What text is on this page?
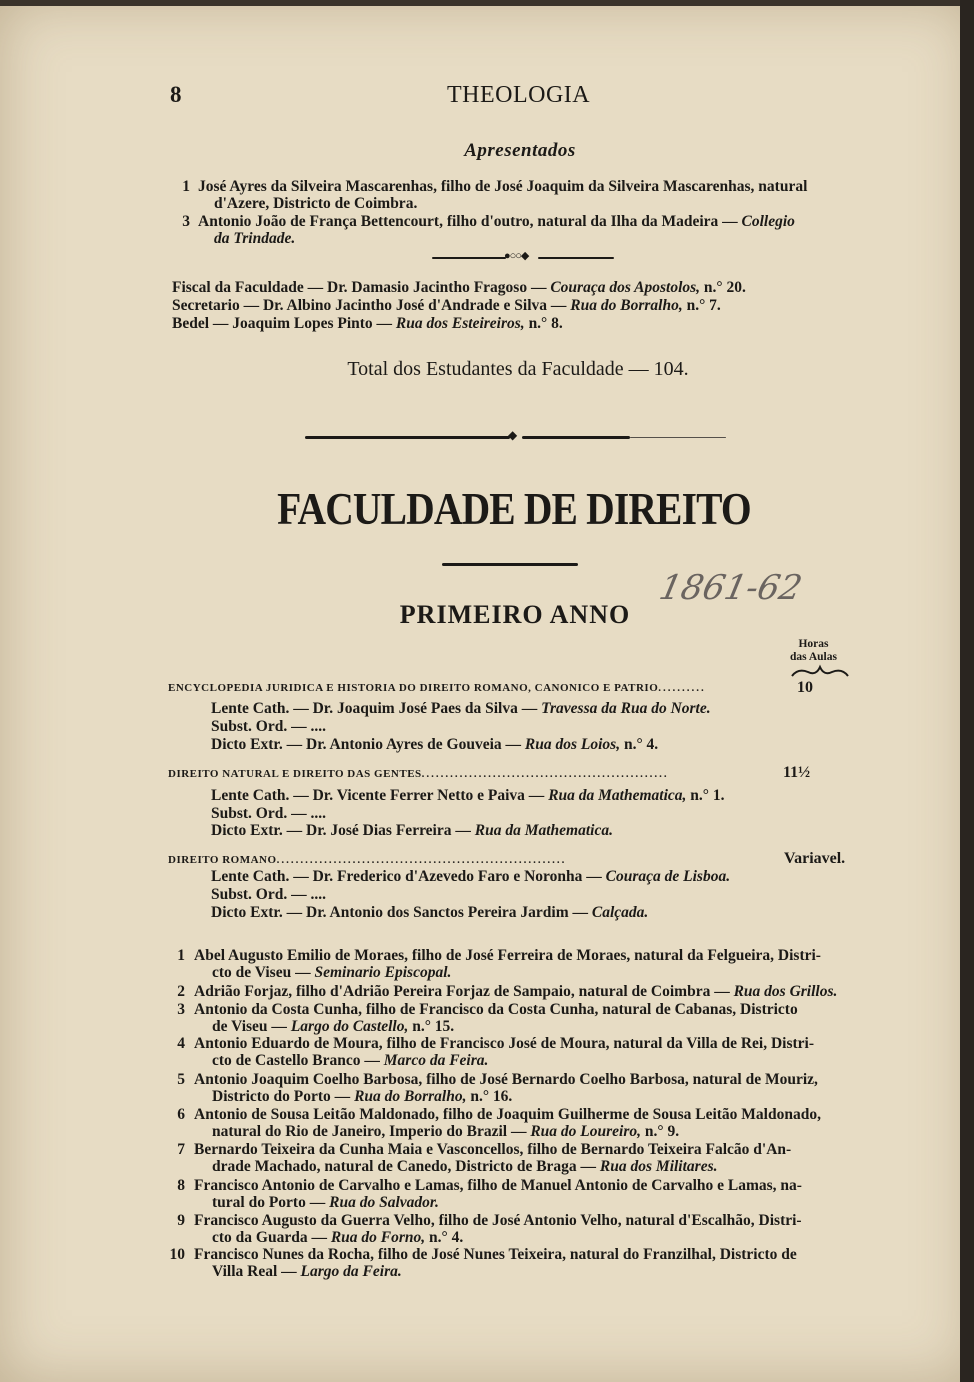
8	THEOLOGIA
Apresentados
1 José Ayres da Silveira Mascarenhas, filho de José Joaquim da Silveira Mascarenhas, natural
d'Azere, Districto de Coimbra.
3 Antonio João de França Bettencourt, filho d'outro, natural da Ilha da Madeira — Collegio
da Trindade.
●○○◆
Fiscal da Faculdade — Dr. Damasio Jacintho Fragoso — Couraça dos Apostolos, n.° 20.
Secretario — Dr. Albino Jacintho José d'Andrade e Silva — Rua do Borralho, n.° 7.
Bedel — Joaquim Lopes Pinto — Rua dos Esteireiros, n.° 8.
Total dos Estudantes da Faculdade — 104.
◆
FACULDADE DE DIREITO
PRIMEIRO ANNO
1861-62
Horas
das Aulas
ENCYCLOPEDIA JURIDICA E HISTORIA DO DIREITO ROMANO, CANONICO E PATRIO..........	10
Lente Cath. — Dr. Joaquim José Paes da Silva — Travessa da Rua do Norte.
Subst. Ord. — ....
Dicto Extr. — Dr. Antonio Ayres de Gouveia — Rua dos Loios, n.° 4.
DIREITO NATURAL E DIREITO DAS GENTES....................................................	11½
Lente Cath. — Dr. Vicente Ferrer Netto e Paiva — Rua da Mathematica, n.° 1.
Subst. Ord. — ....
Dicto Extr. — Dr. José Dias Ferreira — Rua da Mathematica.
DIREITO ROMANO.............................................................	Variavel.
Lente Cath. — Dr. Frederico d'Azevedo Faro e Noronha — Couraça de Lisboa.
Subst. Ord. — ....
Dicto Extr. — Dr. Antonio dos Sanctos Pereira Jardim — Calçada.
1 Abel Augusto Emilio de Moraes, filho de José Ferreira de Moraes, natural da Felgueira, Distri-
cto de Viseu — Seminario Episcopal.
2 Adrião Forjaz, filho d'Adrião Pereira Forjaz de Sampaio, natural de Coimbra — Rua dos Grillos.
3 Antonio da Costa Cunha, filho de Francisco da Costa Cunha, natural de Cabanas, Districto
de Viseu — Largo do Castello, n.° 15.
4 Antonio Eduardo de Moura, filho de Francisco José de Moura, natural da Villa de Rei, Distri-
cto de Castello Branco — Marco da Feira.
5 Antonio Joaquim Coelho Barbosa, filho de José Bernardo Coelho Barbosa, natural de Mouriz,
Districto do Porto — Rua do Borralho, n.° 16.
6 Antonio de Sousa Leitão Maldonado, filho de Joaquim Guilherme de Sousa Leitão Maldonado,
natural do Rio de Janeiro, Imperio do Brazil — Rua do Loureiro, n.° 9.
7 Bernardo Teixeira da Cunha Maia e Vasconcellos, filho de Bernardo Teixeira Falcão d'An-
drade Machado, natural de Canedo, Districto de Braga — Rua dos Militares.
8 Francisco Antonio de Carvalho e Lamas, filho de Manuel Antonio de Carvalho e Lamas, na-
tural do Porto — Rua do Salvador.
9 Francisco Augusto da Guerra Velho, filho de José Antonio Velho, natural d'Escalhão, Distri-
cto da Guarda — Rua do Forno, n.° 4.
10 Francisco Nunes da Rocha, filho de José Nunes Teixeira, natural do Franzilhal, Districto de
Villa Real — Largo da Feira.
